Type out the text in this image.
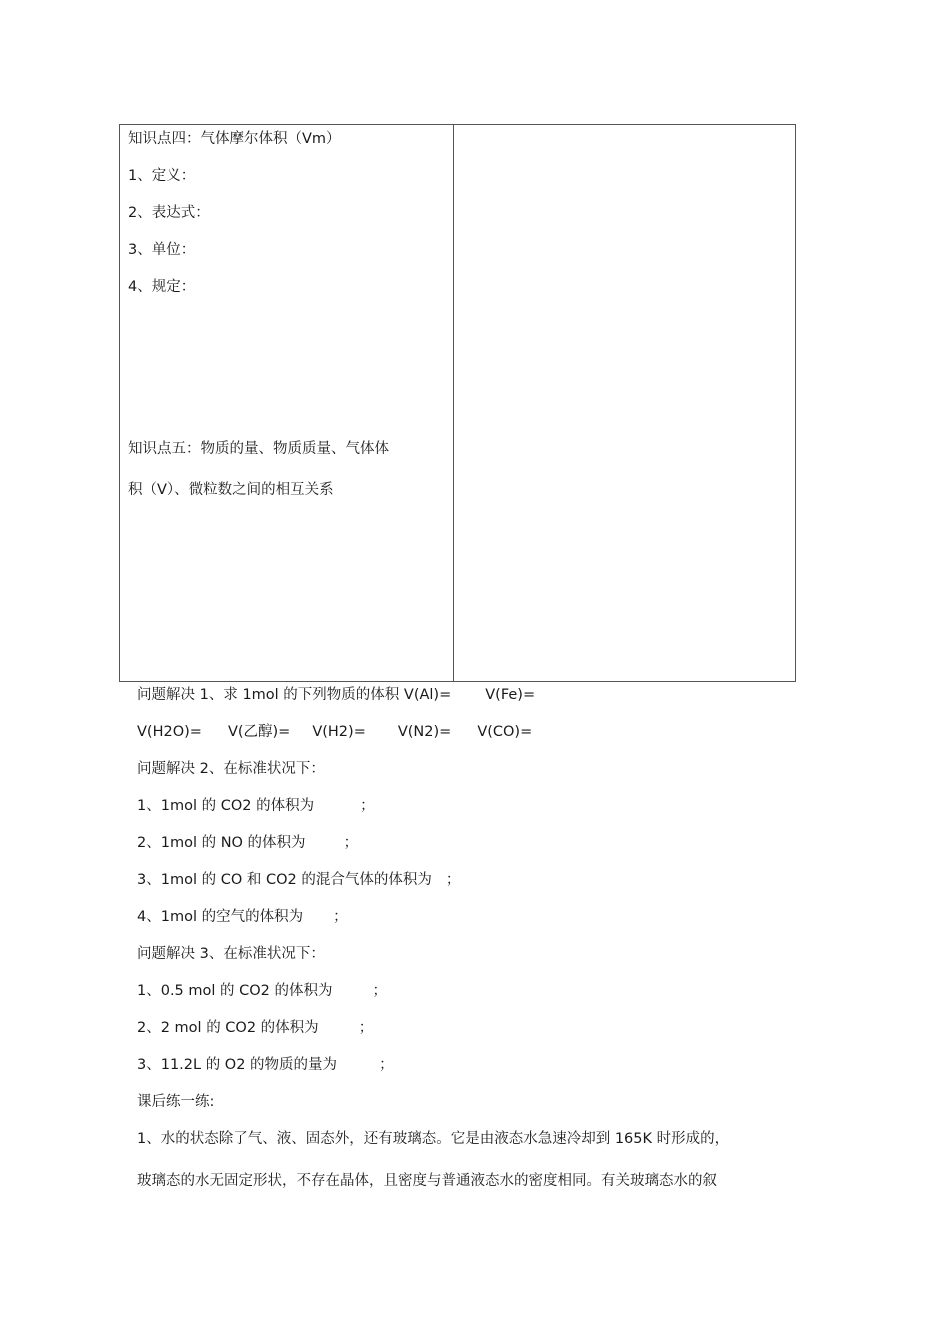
知识点四：气体摩尔体积（Vm）
1、定义：
2、表达式：
3、单位：
4、规定：
知识点五：物质的量、物质质量、气体体
积（V）、微粒数之间的相互关系
问题解决 1、求 1mol 的下列物质的体积 V(Al)= V(Fe)=
V(H2O)= V(乙醇)= V(H2)= V(N2)= V(CO)=
问题解决 2、在标准状况下：
1、1mol 的 CO2 的体积为	；
2、1mol 的 NO 的体积为	；
3、1mol 的 CO 和 CO2 的混合气体的体积为 ；
4、1mol 的空气的体积为 ；
问题解决 3、在标准状况下：
1、0.5 mol 的 CO2 的体积为	；
2、2 mol 的 CO2 的体积为	；
3、11.2L 的 O2 的物质的量为	；
课后练一练:
1、水的状态除了气、液、固态外，还有玻璃态。它是由液态水急速冷却到 165K 时形成的，
玻璃态的水无固定形状，不存在晶体，且密度与普通液态水的密度相同。有关玻璃态水的叙
